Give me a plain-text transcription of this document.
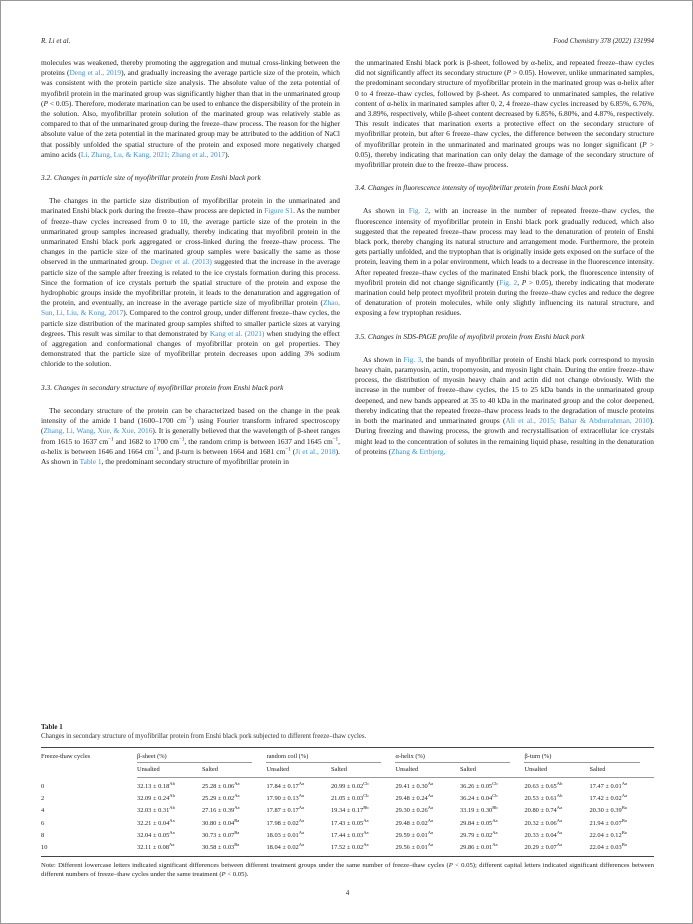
R. Li et al.	Food Chemistry 378 (2022) 131994

molecules was weakened, thereby promoting the aggregation and mutual cross-linking between the proteins (Deng et al., 2019), and gradually increasing the average particle size of the protein, which was consistent with the protein particle size analysis. The absolute value of the zeta potential of myofibril protein in the marinated group was significantly higher than that in the unmarinated group (P < 0.05). Therefore, moderate marination can be used to enhance the dispersibility of the protein in the solution. Also, myofibrillar protein solution of the marinated group was relatively stable as compared to that of the unmarinated group during the freeze–thaw process. The reason for the higher absolute value of the zeta potential in the marinated group may be attributed to the addition of NaCl that possibly unfolded the spatial structure of the protein and exposed more negatively charged amino acids (Li, Zhang, Lu, & Kang, 2021; Zhang et al., 2017).

3.2. Changes in particle size of myofibrillar protein from Enshi black pork

The changes in the particle size distribution of myofibrillar protein in the unmarinated and marinated Enshi black pork during the freeze–thaw process are depicted in Figure S1. As the number of freeze–thaw cycles increased from 0 to 10, the average particle size of the protein in the unmarinated group samples increased gradually, thereby indicating that myofibril protein in the unmarinated Enshi black pork aggregated or cross-linked during the freeze–thaw process. The changes in the particle size of the marinated group samples were basically the same as those observed in the unmarinated group. Degner et al. (2013) suggested that the increase in the average particle size of the sample after freezing is related to the ice crystals formation during this process. Since the formation of ice crystals perturb the spatial structure of the protein and expose the hydrophobic groups inside the myofibrillar protein, it leads to the denaturation and aggregation of the protein, and eventually, an increase in the average particle size of myofibrillar protein (Zhao, Sun, Li, Liu, & Kong, 2017). Compared to the control group, under different freeze–thaw cycles, the particle size distribution of the marinated group samples shifted to smaller particle sizes at varying degrees. This result was similar to that demonstrated by Kang et al. (2021) when studying the effect of aggregation and conformational changes of myofibrillar protein on gel properties. They demonstrated that the particle size of myofibrillar protein decreases upon adding 3% sodium chloride to the solution.

3.3. Changes in secondary structure of myofibrillar protein from Enshi black pork

The secondary structure of the protein can be characterized based on the change in the peak intensity of the amide I band (1600–1700 $cm^{-1}$) using Fourier transform infrared spectroscopy (Zhang, Li, Wang, Xue, & Xue, 2016). It is generally believed that the wavelength of β-sheet ranges from 1615 to 1637 $cm^{-1}$ and 1682 to 1700 $cm^{-1}$, the random crimp is between 1637 and 1645 $cm^{-1}$, α-helix is between 1646 and 1664 $cm^{-1}$, and β-turn is between 1664 and 1681 $cm^{-1}$ (Ji et al., 2018). As shown in Table 1, the predominant secondary structure of myofibrillar protein in

the unmarinated Enshi black pork is β-sheet, followed by α-helix, and repeated freeze–thaw cycles did not significantly affect its secondary structure (P > 0.05). However, unlike unmarinated samples, the predominant secondary structure of myofibrillar protein in the marinated group was α-helix after 0 to 4 freeze–thaw cycles, followed by β-sheet. As compared to unmarinated samples, the relative content of α-helix in marinated samples after 0, 2, 4 freeze–thaw cycles increased by 6.85%, 6.76%, and 3.89%, respectively, while β-sheet content decreased by 6.85%, 6.80%, and 4.87%, respectively. This result indicates that marination exerts a protective effect on the secondary structure of myofibrillar protein, but after 6 freeze–thaw cycles, the difference between the secondary structure of myofibrillar protein in the unmarinated and marinated groups was no longer significant (P > 0.05), thereby indicating that marination can only delay the damage of the secondary structure of myofibrillar protein due to the freeze–thaw process.

3.4. Changes in fluorescence intensity of myofibrillar protein from Enshi black pork

As shown in Fig. 2, with an increase in the number of repeated freeze–thaw cycles, the fluorescence intensity of myofibrillar protein in Enshi black pork gradually reduced, which also suggested that the repeated freeze–thaw process may lead to the denaturation of protein of Enshi black pork, thereby changing its natural structure and arrangement mode. Furthermore, the protein gets partially unfolded, and the tryptophan that is originally inside gets exposed on the surface of the protein, leaving them in a polar environment, which leads to a decrease in the fluorescence intensity. After repeated freeze–thaw cycles of the marinated Enshi black pork, the fluorescence intensity of myofibril protein did not change significantly (Fig. 2, P > 0.05), thereby indicating that moderate marination could help protect myofibril protein during the freeze–thaw cycles and reduce the degree of denaturation of protein molecules, while only slightly influencing its natural structure, and exposing a few tryptophan residues.

3.5. Changes in SDS-PAGE profile of myofibril protein from Enshi black pork

As shown in Fig. 3, the bands of myofibrillar protein of Enshi black pork correspond to myosin heavy chain, paramyosin, actin, tropomyosin, and myosin light chain. During the entire freeze–thaw process, the distribution of myosin heavy chain and actin did not change obviously. With the increase in the number of freeze–thaw cycles, the 15 to 25 kDa bands in the unmarinated group deepened, and new bands appeared at 35 to 40 kDa in the marinated group and the color deepened, thereby indicating that the repeated freeze–thaw process leads to the degradation of muscle proteins in both the marinated and unmarinated groups (Ali et al., 2015; Bahar & Abdurrahman, 2010). During freezing and thawing process, the growth and recrystallisation of extracellular ice crystals might lead to the concentration of solutes in the remaining liquid phase, resulting in the denaturation of proteins (Zhang & Ertbjerg,

Table 1
Changes in secondary structure of myofibrillar protein from Enshi black pork subjected to different freeze–thaw cycles.
Freeze-thaw cycles	β-sheet (%)		random coil (%)		α-helix (%)		β-turn (%)	

	Unsalted	Salted	Unsalted	Salted	Unsalted	Salted	Unsalted	Salted
0	$32.13 \pm 0.18^{Ab}$	$25.28 \pm 0.06^{Aa}$	$17.84 \pm 0.17^{Aa}$	$20.99 \pm 0.02^{Cb}$	$29.41 \pm 0.30^{Aa}$	$36.26 \pm 0.05^{Cb}$	$20.63 \pm 0.65^{Ab}$	$17.47 \pm 0.01^{Aa}$
2	$32.09 \pm 0.24^{Ab}$	$25.29 \pm 0.02^{Aa}$	$17.90 \pm 0.13^{Aa}$	$21.05 \pm 0.03^{Cb}$	$29.48 \pm 0.24^{Aa}$	$36.24 \pm 0.04^{Cb}$	$20.53 \pm 0.61^{Ab}$	$17.42 \pm 0.02^{Aa}$
4	$32.03 \pm 0.31^{Ab}$	$27.16 \pm 0.39^{Aa}$	$17.87 \pm 0.17^{Aa}$	$19.34 \pm 0.17^{Bb}$	$29.30 \pm 0.26^{Aa}$	$33.19 \pm 0.30^{Bb}$	$20.80 \pm 0.74^{Aa}$	$20.30 \pm 0.39^{Ba}$
6	$32.21 \pm 0.04^{Aa}$	$30.80 \pm 0.04^{Ba}$	$17.98 \pm 0.02^{Aa}$	$17.43 \pm 0.05^{Aa}$	$29.48 \pm 0.02^{Aa}$	$29.84 \pm 0.05^{Aa}$	$20.32 \pm 0.06^{Aa}$	$21.94 \pm 0.07^{Ba}$
8	$32.04 \pm 0.05^{Aa}$	$30.73 \pm 0.07^{Ba}$	$18.03 \pm 0.01^{Aa}$	$17.44 \pm 0.03^{Aa}$	$29.59 \pm 0.01^{Aa}$	$29.79 \pm 0.02^{Aa}$	$20.33 \pm 0.04^{Aa}$	$22.04 \pm 0.12^{Ba}$
10	$32.11 \pm 0.08^{Aa}$	$30.58 \pm 0.03^{Ba}$	$18.04 \pm 0.02^{Aa}$	$17.52 \pm 0.02^{Aa}$	$29.56 \pm 0.01^{Aa}$	$29.86 \pm 0.01^{Aa}$	$20.29 \pm 0.07^{Aa}$	$22.04 \pm 0.03^{Ba}$
Note: Different lowercase letters indicated significant differences between different treatment groups under the same number of freeze–thaw cycles (P < 0.05); different capital letters indicated significant differences between different numbers of freeze–thaw cycles under the same treatment (P < 0.05).
4
